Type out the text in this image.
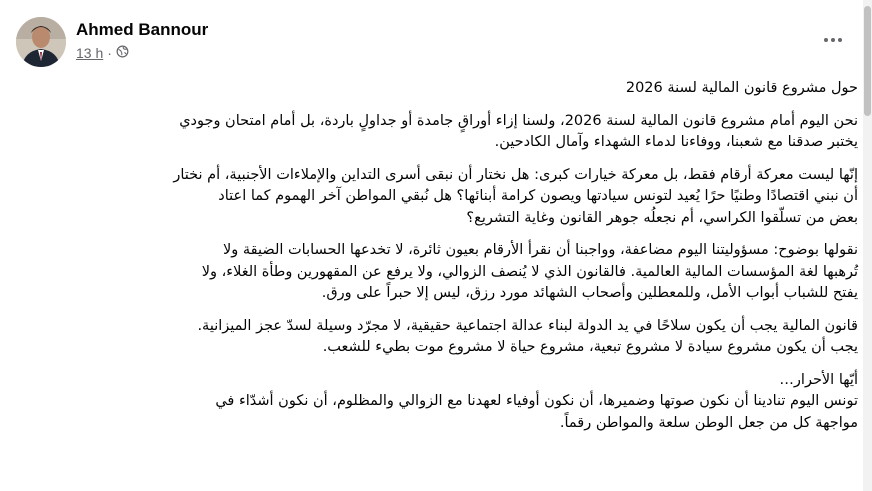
Ahmed Bannour
13 h ·

حول مشروع قانون المالية لسنة 2026

نحن اليوم أمام مشروع قانون المالية لسنة 2026، ولسنا إزاء أوراقٍ جامدة أو جداولٍ باردة، بل أمام امتحان وجودي
يختبر صدقنا مع شعبنا، ووفاءنا لدماء الشهداء وآمال الكادحين.

إنّها ليست معركة أرقام فقط، بل معركة خيارات كبرى: هل نختار أن نبقى أسرى التداين والإملاءات الأجنبية، أم نختار
أن نبني اقتصادًا وطنيًا حرًا يُعيد لتونس سيادتها ويصون كرامة أبنائها؟ هل نُبقي المواطن آخر الهموم كما اعتاد
بعض من تسلّقوا الكراسي، أم نجعلُه جوهر القانون وغاية التشريع؟

نقولها بوضوح: مسؤوليتنا اليوم مضاعفة، وواجبنا أن نقرأ الأرقام بعيون ثائرة، لا تخدعها الحسابات الضيقة ولا
تُرهبها لغة المؤسسات المالية العالمية. فالقانون الذي لا يُنصف الزوالي، ولا يرفع عن المقهورين وطأة الغلاء، ولا
يفتح للشباب أبواب الأمل، وللمعطلين وأصحاب الشهائد مورد رزق، ليس إلا حبراً على ورق.

قانون المالية يجب أن يكون سلاحًا في يد الدولة لبناء عدالة اجتماعية حقيقية، لا مجرّد وسيلة لسدّ عجز الميزانية.
يجب أن يكون مشروع سيادة لا مشروع تبعية، مشروع حياة لا مشروع موت بطيء للشعب.

أيّها الأحرار…
تونس اليوم تنادينا أن نكون صوتها وضميرها، أن نكون أوفياء لعهدنا مع الزوالي والمظلوم، أن نكون أشدّاء في
مواجهة كل من جعل الوطن سلعة والمواطن رقماً.
